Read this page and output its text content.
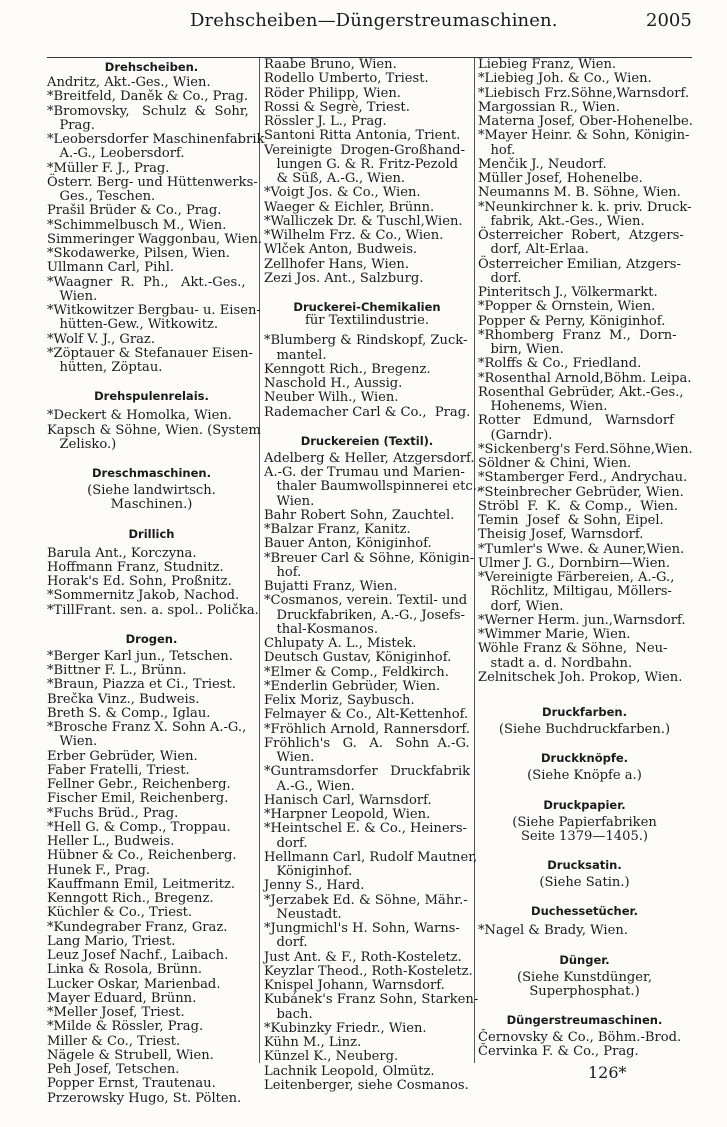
Drehscheiben—Düngerstreumaschinen.	2005
Drehscheiben.
Andritz, Akt.-Ges., Wien.
*Breitfeld, Daněk & Co., Prag.
*Bromovsky,   Schulz  &  Sohr,
Prag.
*Leobersdorfer Maschinenfabrik
A.-G., Leobersdorf.
*Müller F. J., Prag.
Österr. Berg- und Hüttenwerks-
Ges., Teschen.
Prašil Brüder & Co., Prag.
*Schimmelbusch M., Wien.
Simmeringer Waggonbau, Wien.
*Skodawerke, Pilsen, Wien.
Ullmann Carl, Pihl.
*Waagner  R.  Ph.,   Akt.-Ges.,
Wien.
*Witkowitzer Bergbau- u. Eisen-
hütten-Gew., Witkowitz.
*Wolf V. J., Graz.
*Zöptauer & Stefanauer Eisen-
hütten, Zöptau.
Drehspulenrelais.
*Deckert & Homolka, Wien.
Kapsch & Söhne, Wien. (System
Zelisko.)
Dreschmaschinen.
(Siehe landwirtsch. Maschinen.)
Drillich
Barula Ant., Korczyna.
Hoffmann Franz, Studnitz.
Horak's Ed. Sohn, Proßnitz.
*Sommernitz Jakob, Nachod.
*TillFrant. sen. a. spol.. Polička.
Drogen.
*Berger Karl jun., Tetschen.
*Bittner F. L., Brünn.
*Braun, Piazza et Ci., Triest.
Brečka Vinz., Budweis.
Breth S. & Comp., Iglau.
*Brosche Franz X. Sohn A.-G.,
Wien.
Erber Gebrüder, Wien.
Faber Fratelli, Triest.
Fellner Gebr., Reichenberg.
Fischer Emil, Reichenberg.
*Fuchs Brüd., Prag.
*Hell G. & Comp., Troppau.
Heller L., Budweis.
Hübner & Co., Reichenberg.
Hunek F., Prag.
Kauffmann Emil, Leitmeritz.
Kenngott Rich., Bregenz.
Küchler & Co., Triest.
*Kundegraber Franz, Graz.
Lang Mario, Triest.
Leuz Josef Nachf., Laibach.
Linka & Rosola, Brünn.
Lucker Oskar, Marienbad.
Mayer Eduard, Brünn.
*Meller Josef, Triest.
*Milde & Rössler, Prag.
Miller & Co., Triest.
Nägele & Strubell, Wien.
Peh Josef, Tetschen.
Popper Ernst, Trautenau.
Przerowsky Hugo, St. Pölten.
Raabe Bruno, Wien.
Rodello Umberto, Triest.
Röder Philipp, Wien.
Rossi & Segrè, Triest.
Rössler J. L., Prag.
Santoni Ritta Antonia, Trient.
Vereinigte  Drogen-Großhand-
lungen G. & R. Fritz-Pezold
& Süß, A.-G., Wien.
*Voigt Jos. & Co., Wien.
Waeger & Eichler, Brünn.
*Walliczek Dr. & Tuschl,Wien.
*Wilhelm Frz. & Co., Wien.
Wlček Anton, Budweis.
Zellhofer Hans, Wien.
Zezi Jos. Ant., Salzburg.
Druckerei-Chemikalien
für Textilindustrie.
*Blumberg & Rindskopf, Zuck-
mantel.
Kenngott Rich., Bregenz.
Naschold H., Aussig.
Neuber Wilh., Wien.
Rademacher Carl & Co.,  Prag.
Druckereien (Textil).
Adelberg & Heller, Atzgersdorf.
A.-G. der Trumau und Marien-
thaler Baumwollspinnerei etc.,
Wien.
Bahr Robert Sohn, Zauchtel.
*Balzar Franz, Kanitz.
Bauer Anton, Königinhof.
*Breuer Carl & Söhne, Königin-
hof.
Bujatti Franz, Wien.
*Cosmanos, verein. Textil- und
Druckfabriken, A.-G., Josefs-
thal-Kosmanos.
Chlupaty A. L., Mistek.
Deutsch Gustav, Königinhof.
*Elmer & Comp., Feldkirch.
*Enderlin Gebrüder, Wien.
Felix Moriz, Saybusch.
Felmayer & Co., Alt-Kettenhof.
*Fröhlich Arnold, Rannersdorf.
Fröhlich's   G.   A.   Sohn  A.-G.
Wien.
*Guntramsdorfer   Druckfabrik
A.-G., Wien.
Hanisch Carl, Warnsdorf.
*Harpner Leopold, Wien.
*Heintschel E. & Co., Heiners-
dorf.
Hellmann Carl, Rudolf Mautner,
Königinhof.
Jenny S., Hard.
*Jerzabek Ed. & Söhne, Mähr.-
Neustadt.
*Jungmichl's H. Sohn, Warns-
dorf.
Just Ant. & F., Roth-Kosteletz.
Keyzlar Theod., Roth-Kosteletz.
Knispel Johann, Warnsdorf.
Kubánek's Franz Sohn, Starken-
bach.
*Kubinzky Friedr., Wien.
Kühn M., Linz.
Künzel K., Neuberg.
Lachnik Leopold, Olmütz.
Leitenberger, siehe Cosmanos.
Liebieg Franz, Wien.
*Liebieg Joh. & Co., Wien.
*Liebisch Frz.Söhne,Warnsdorf.
Margossian R., Wien.
Materna Josef, Ober-Hohenelbe.
*Mayer Heinr. & Sohn, Königin-
hof.
Menčik J., Neudorf.
Müller Josef, Hohenelbe.
Neumanns M. B. Söhne, Wien.
*Neunkirchner k. k. priv. Druck-
fabrik, Akt.-Ges., Wien.
Österreicher  Robert,  Atzgers-
dorf, Alt-Erlaa.
Österreicher Emilian, Atzgers-
dorf.
Pinteritsch J., Völkermarkt.
*Popper & Ornstein, Wien.
Popper & Perny, Königinhof.
*Rhomberg  Franz  M.,  Dorn-
birn, Wien.
*Rolffs & Co., Friedland.
*Rosenthal Arnold,Böhm. Leipa.
Rosenthal Gebrüder, Akt.-Ges.,
Hohenems, Wien.
Rotter   Edmund,   Warnsdorf
(Garndr).
*Sickenberg's Ferd.Söhne,Wien.
Söldner & Chini, Wien.
*Stamberger Ferd., Andrychau.
*Steinbrecher Gebrüder, Wien.
Ströbl  F.  K.  & Comp.,  Wien.
Temin  Josef  & Sohn, Eipel.
Theisig Josef, Warnsdorf.
*Tumler's Wwe. & Auner,Wien.
Ulmer J. G., Dornbirn—Wien.
*Vereinigte Färbereien, A.-G.,
Röchlitz, Miltigau, Möllers-
dorf, Wien.
*Werner Herm. jun.,Warnsdorf.
*Wimmer Marie, Wien.
Wöhle Franz & Söhne,  Neu-
stadt a. d. Nordbahn.
Zelnitschek Joh. Prokop, Wien.
Druckfarben.
(Siehe Buchdruckfarben.)
Druckknöpfe.
(Siehe Knöpfe a.)
Druckpapier.
(Siehe Papierfabriken
Seite 1379—1405.)
Drucksatin.
(Siehe Satin.)
Duchessetücher.
*Nagel & Brady, Wien.
Dünger.
(Siehe Kunstdünger,
Superphosphat.)
Düngerstreumaschinen.
Černovsky & Co., Böhm.-Brod.
Červinka F. & Co., Prag.
126*
